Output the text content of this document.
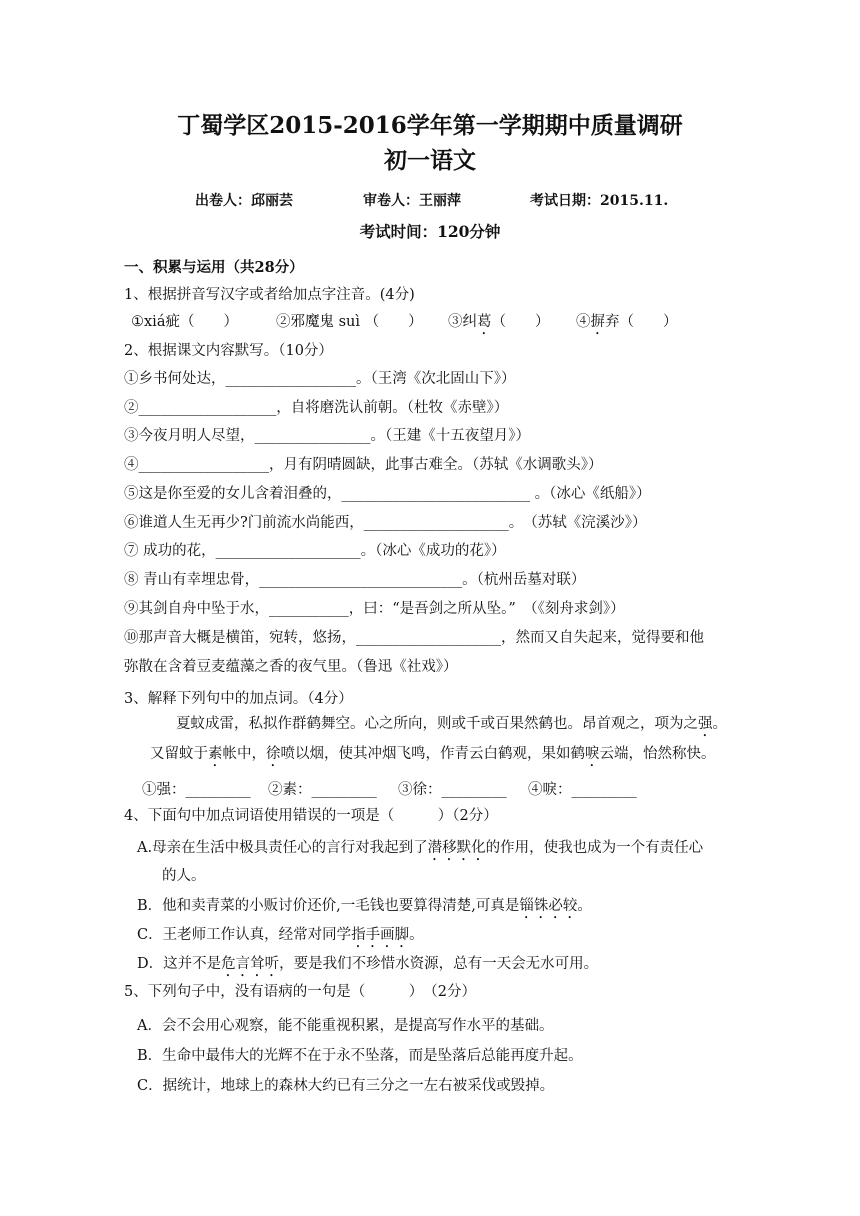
丁蜀学区2015-2016学年第一学期期中质量调研
初一语文
出卷人：邱丽芸	审卷人：王丽萍	考试日期：2015.11.
考试时间：120分钟
一、积累与运用（共28分）
1、根据拼音写汉字或者给加点字注音。(4分)
①xiá疵（　　）	②邪魔鬼 suì （　　） ③纠葛（　　） ④摒弃（　　）
2、根据课文内容默写。（10分）
①乡书何处达，__________________。（王湾《次北固山下》）
②___________________，自将磨洗认前朝。（杜牧《赤壁》）
③今夜月明人尽望，________________。（王建《十五夜望月》）
④__________________，月有阴晴圆缺，此事古难全。（苏轼《水调歌头》）
⑤这是你至爱的女儿含着泪叠的，__________________________ 。（冰心《纸船》）
⑥谁道人生无再少?门前流水尚能西，____________________。　（苏轼《浣溪沙》）
⑦ 成功的花，____________________。（冰心《成功的花》）
⑧ 青山有幸埋忠骨，____________________________。（杭州岳墓对联）
⑨其剑自舟中坠于水，___________，曰：“是吾剑之所从坠。”　（《刻舟求剑》）
⑩那声音大概是横笛，宛转，悠扬，____________________，然而又自失起来，觉得要和他
弥散在含着豆麦蕴藻之香的夜气里。（鲁迅《社戏》）
3、解释下列句中的加点词。（4分）
夏蚊成雷，私拟作群鹤舞空。心之所向，则或千或百果然鹤也。昂首观之，项为之强。
又留蚊于素帐中，徐喷以烟，使其冲烟飞鸣，作青云白鹤观，果如鹤唳云端，怡然称快。
①强：_________ ②素：_________ ③徐：_________ ④唳：_________
4、下面句中加点词语使用错误的一项是（　　　）（2分）
A.母亲在生活中极具责任心的言行对我起到了潜移默化的作用，使我也成为一个有责任心
的人。
B．他和卖青菜的小贩讨价还价,一毛钱也要算得清楚,可真是锱铢必较。
C．王老师工作认真，经常对同学指手画脚。
D．这并不是危言耸听，要是我们不珍惜水资源，总有一天会无水可用。
5、下列句子中，没有语病的一句是（　　　）　（2分）
A．会不会用心观察，能不能重视积累，是提高写作水平的基础。
B．生命中最伟大的光辉不在于永不坠落，而是坠落后总能再度升起。
C．据统计，地球上的森林大约已有三分之一左右被采伐或毁掉。
